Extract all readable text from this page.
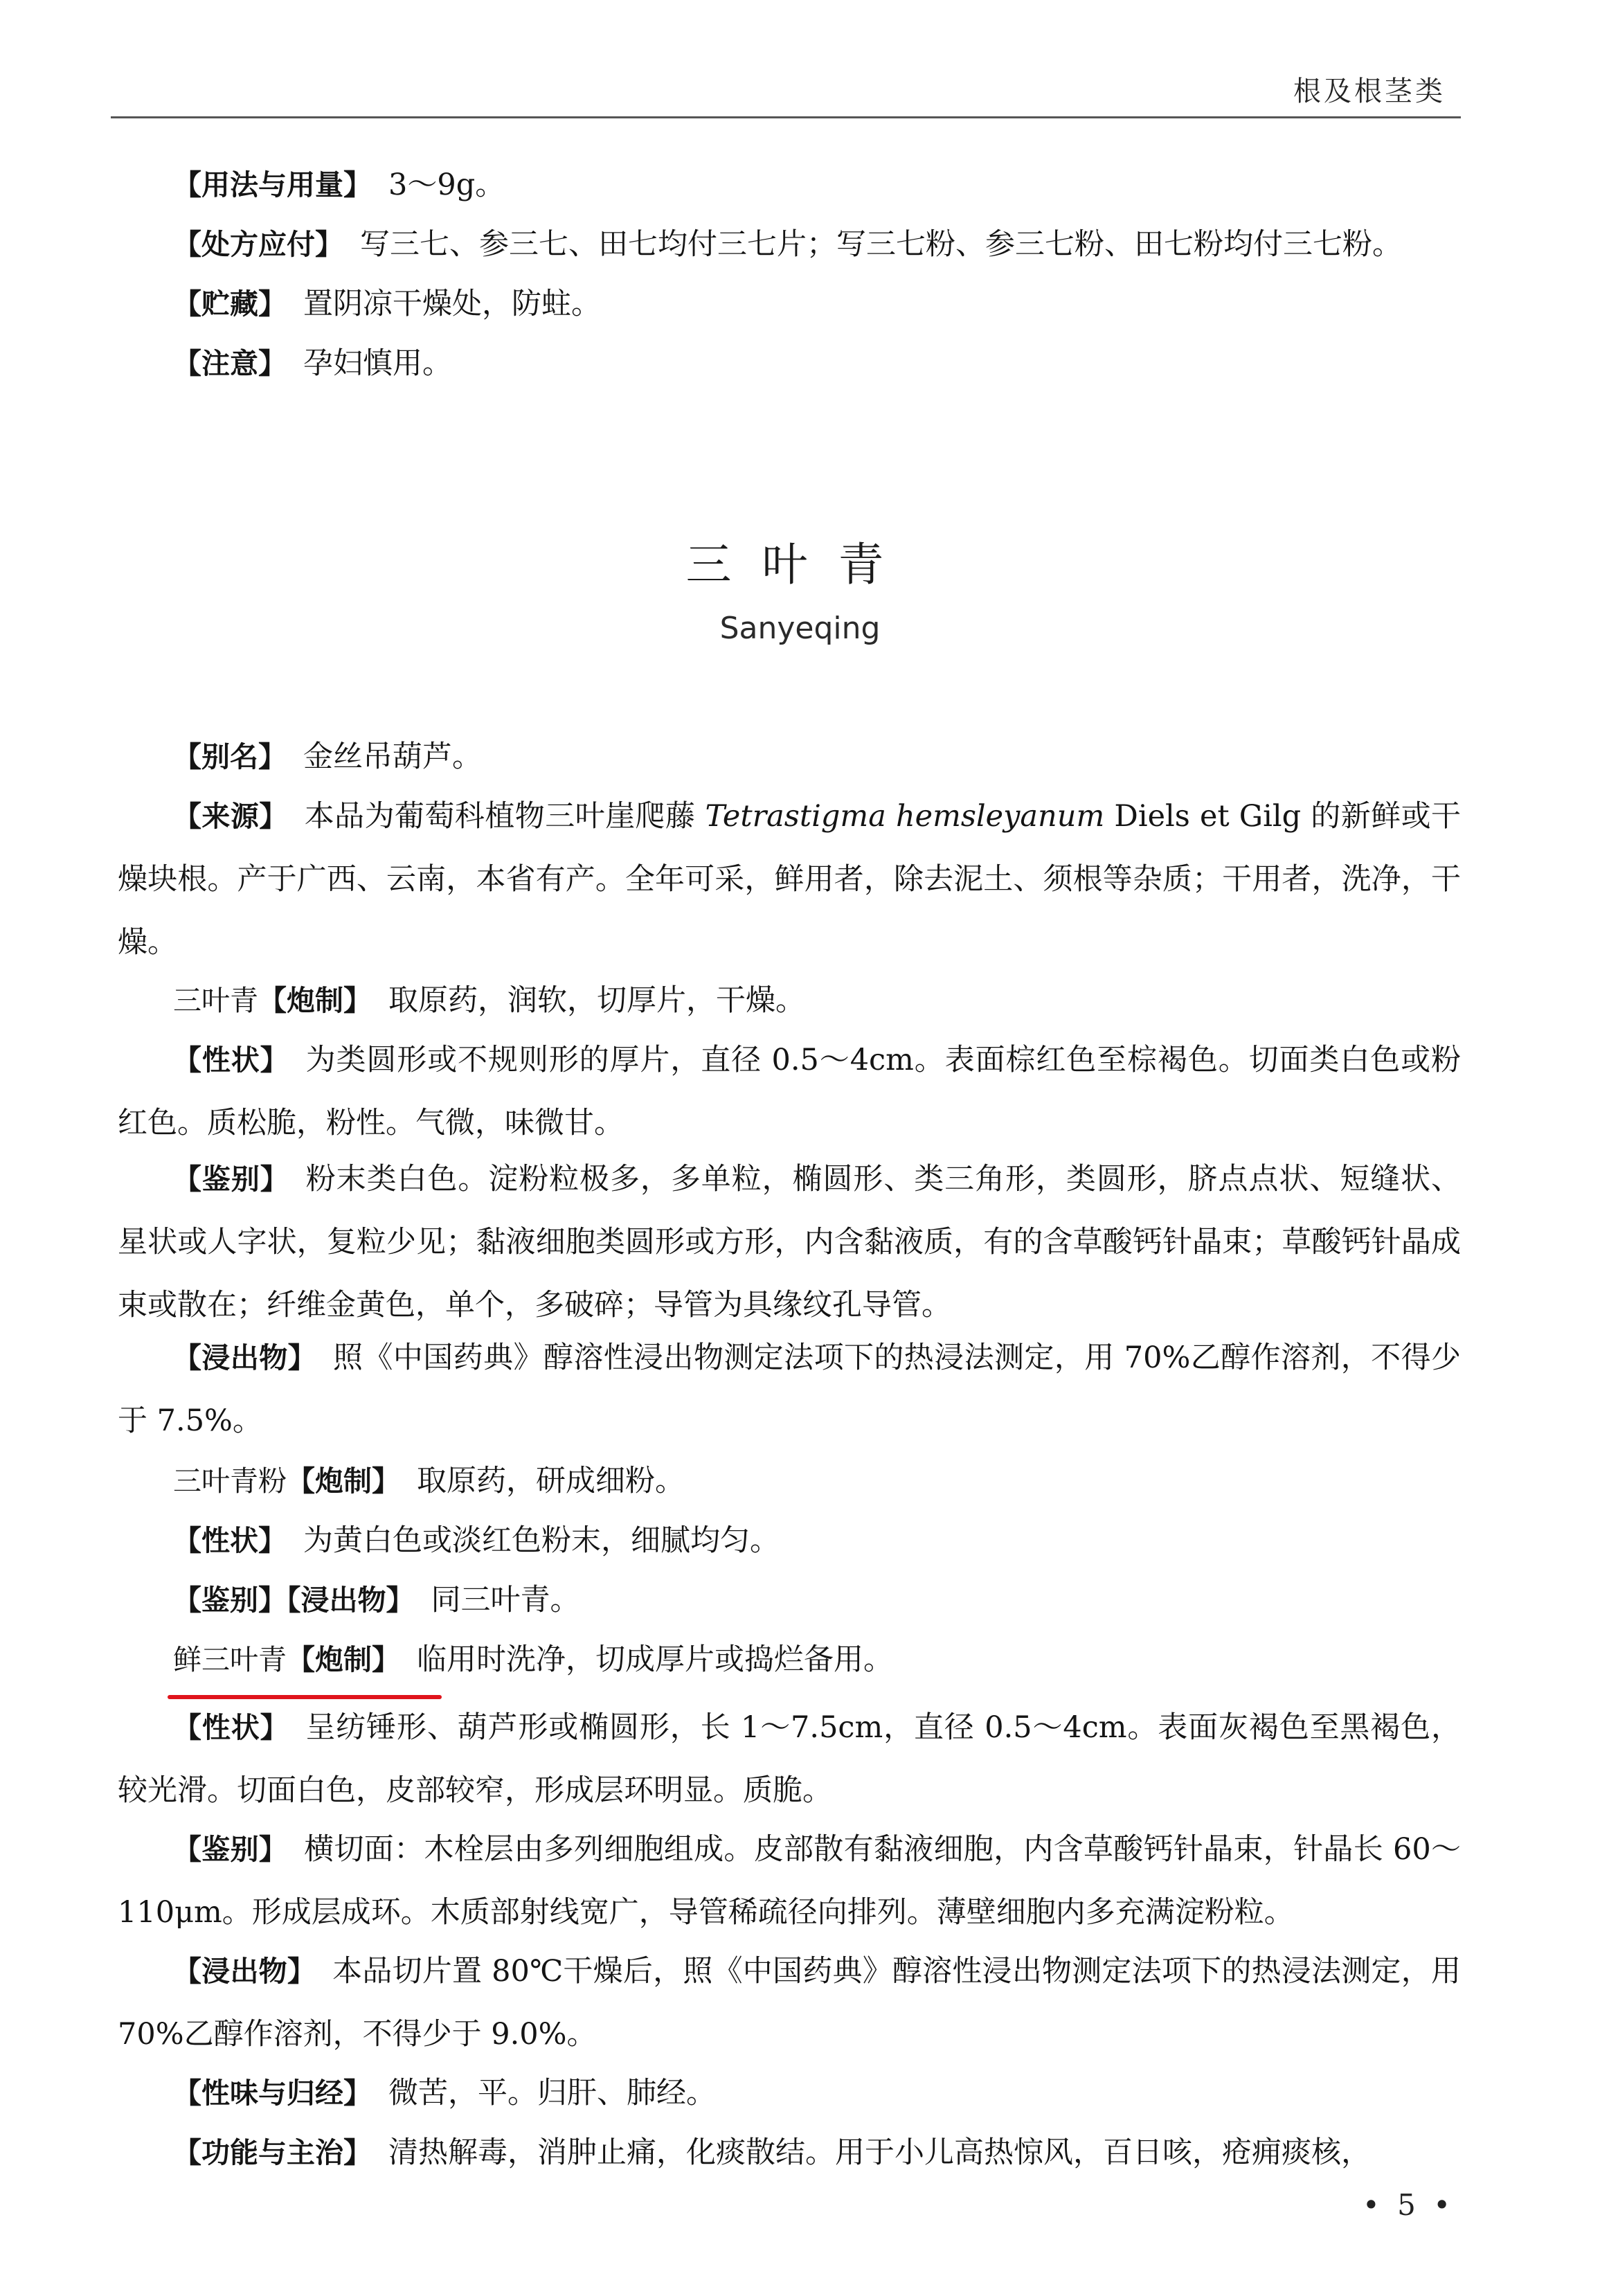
根及根茎类

【用法与用量】 3～9g。

【处方应付】 写三七、参三七、田七均付三七片；写三七粉、参三七粉、田七粉均付三七粉。

【贮藏】 置阴凉干燥处，防蛀。

【注意】 孕妇慎用。

三叶青
Sanyeqing

【别名】 金丝吊葫芦。

【来源】 本品为葡萄科植物三叶崖爬藤 Tetrastigma hemsleyanum Diels et Gilg 的新鲜或干燥块根。产于广西、云南，本省有产。全年可采，鲜用者，除去泥土、须根等杂质；干用者，洗净，干燥。

三叶青【炮制】 取原药，润软，切厚片，干燥。

【性状】 为类圆形或不规则形的厚片，直径 0.5～4cm。表面棕红色至棕褐色。切面类白色或粉红色。质松脆，粉性。气微，味微甘。

【鉴别】 粉末类白色。淀粉粒极多，多单粒，椭圆形、类三角形，类圆形，脐点点状、短缝状、星状或人字状，复粒少见；黏液细胞类圆形或方形，内含黏液质，有的含草酸钙针晶束；草酸钙针晶成束或散在；纤维金黄色，单个，多破碎；导管为具缘纹孔导管。

【浸出物】 照《中国药典》醇溶性浸出物测定法项下的热浸法测定，用 70%乙醇作溶剂，不得少于 7.5%。

三叶青粉【炮制】 取原药，研成细粉。

【性状】 为黄白色或淡红色粉末，细腻均匀。

【鉴别】【浸出物】 同三叶青。

鲜三叶青【炮制】 临用时洗净，切成厚片或捣烂备用。

【性状】 呈纺锤形、葫芦形或椭圆形，长 1～7.5cm，直径 0.5～4cm。表面灰褐色至黑褐色，较光滑。切面白色，皮部较窄，形成层环明显。质脆。

【鉴别】 横切面：木栓层由多列细胞组成。皮部散有黏液细胞，内含草酸钙针晶束，针晶长 60～110μm。形成层成环。木质部射线宽广，导管稀疏径向排列。薄壁细胞内多充满淀粉粒。

【浸出物】 本品切片置 80℃干燥后，照《中国药典》醇溶性浸出物测定法项下的热浸法测定，用 70%乙醇作溶剂，不得少于 9.0%。

【性味与归经】 微苦，平。归肝、肺经。

【功能与主治】 清热解毒，消肿止痛，化痰散结。用于小儿高热惊风，百日咳，疮痈痰核，

• 5 •
